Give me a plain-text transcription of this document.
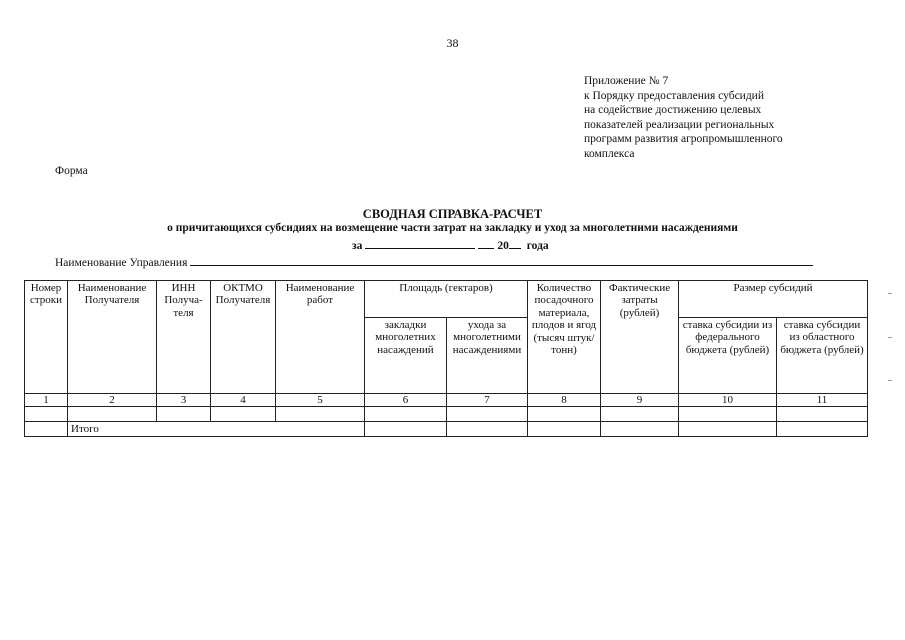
38
Приложение № 7
к Порядку предоставления субсидий
на содействие достижению целевых
показателей реализации региональных
программ развития агропромышленного
комплекса
Форма
СВОДНАЯ СПРАВКА-РАСЧЕТ
о причитающихся субсидиях на возмещение части затрат на закладку и уход за многолетними насаждениями
за	20 года
Наименование Управления
Номер строки	Наименование Получателя	ИНН Получа-теля	ОКТМО Получателя	Наименование работ	Площадь (гектаров)		Количество посадочного материала, плодов и ягод (тысяч штук/тонн)	Фактические затраты (рублей)	Размер субсидий	
					закладки многолетних насаждений	ухода за многолетними насаждениями			ставка субсидии из федерального бюджета (рублей)	ставка субсидии из областного бюджета (рублей)
1	2	3	4	5	6	7	8	9	10	11

	Итого									
